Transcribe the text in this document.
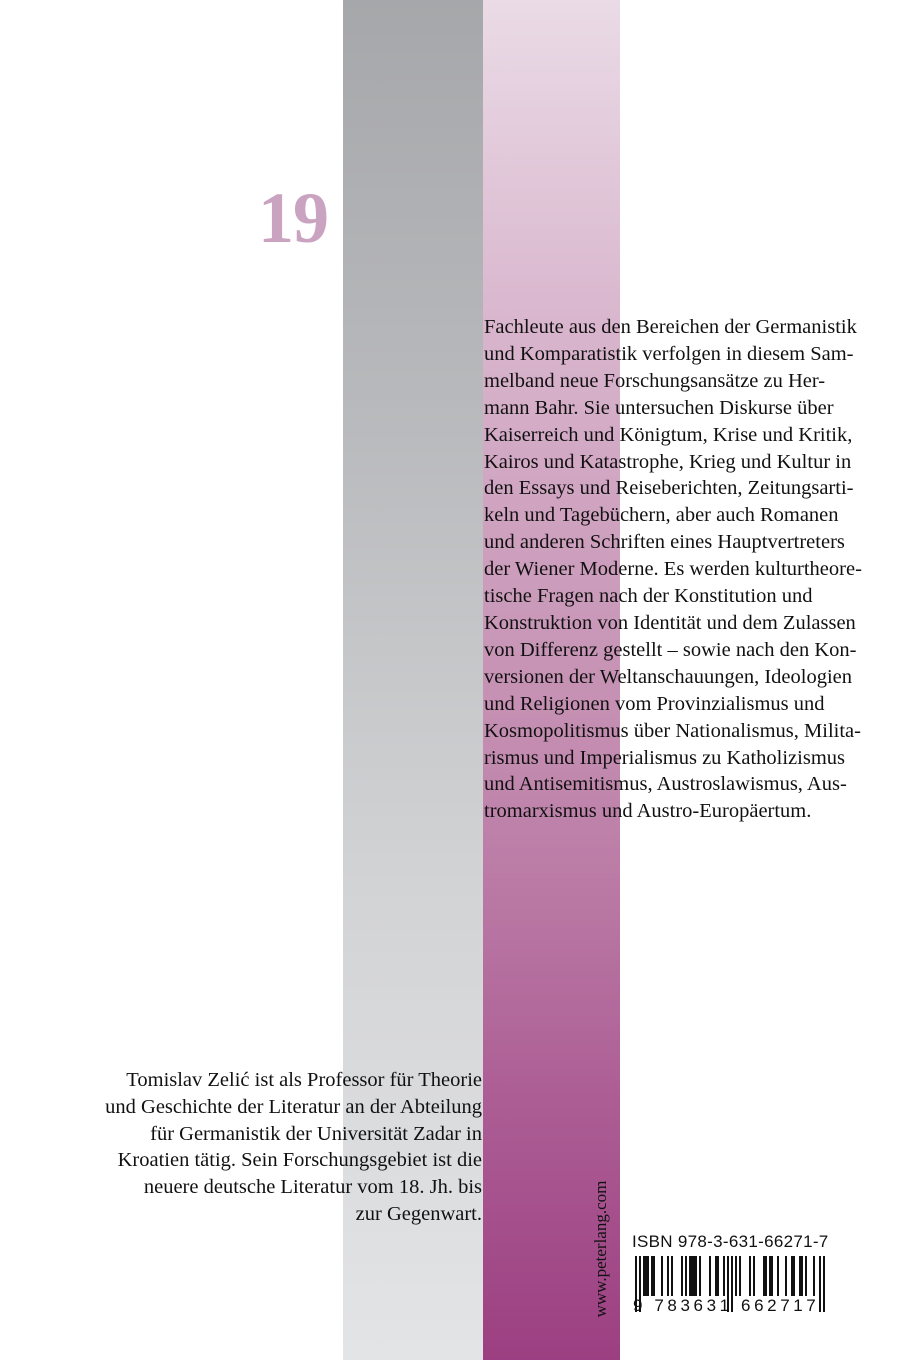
19

Fachleute aus den Bereichen der Germanistik
und Komparatistik verfolgen in diesem Sam-
melband neue Forschungsansätze zu Her-
mann Bahr. Sie untersuchen Diskurse über
Kaiserreich und Königtum, Krise und Kritik,
Kairos und Katastrophe, Krieg und Kultur in
den Essays und Reiseberichten, Zeitungsarti-
keln und Tagebüchern, aber auch Romanen
und anderen Schriften eines Hauptvertreters
der Wiener Moderne. Es werden kulturtheore-
tische Fragen nach der Konstitution und
Konstruktion von Identität und dem Zulassen
von Differenz gestellt – sowie nach den Kon-
versionen der Weltanschauungen, Ideologien
und Religionen vom Provinzialismus und
Kosmopolitismus über Nationalismus, Milita-
rismus und Imperialismus zu Katholizismus
und Antisemitismus, Austroslawismus, Aus-
tromarxismus und Austro-Europäertum.

Tomislav Zelić ist als Professor für Theorie
und Geschichte der Literatur an der Abteilung
für Germanistik der Universität Zadar in
Kroatien tätig. Sein Forschungsgebiet ist die
neuere deutsche Literatur vom 18. Jh. bis
zur Gegenwart.	www.peterlang.com ISBN 978-3-631-66271-7
9 783631 662717
